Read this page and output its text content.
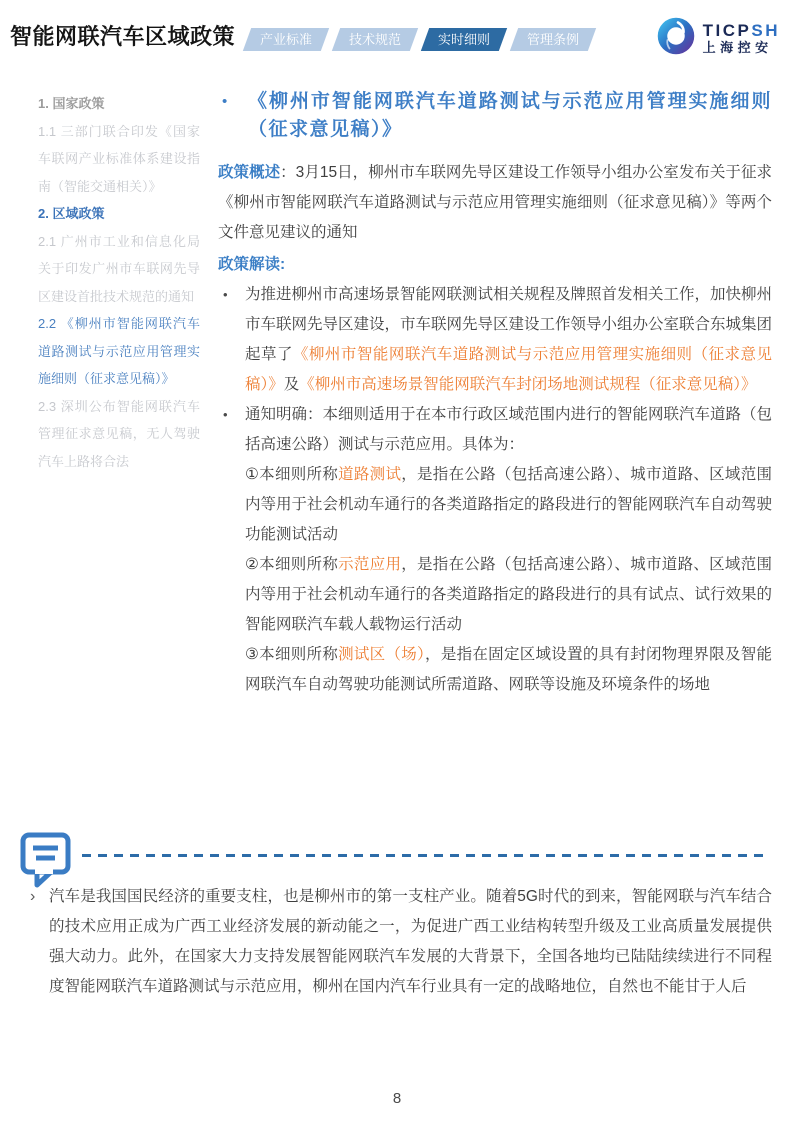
智能网联汽车区域政策	产业标准	技术规范	实时细则	管理条例	TICPSH
上海控安
1. 国家政策
1.1 三部门联合印发《国家车联网产业标准体系建设指南（智能交通相关）》
2. 区域政策
2.1 广州市工业和信息化局关于印发广州市车联网先导区建设首批技术规范的通知
2.2 《柳州市智能网联汽车道路测试与示范应用管理实施细则（征求意见稿）》
2.3 深圳公布智能网联汽车管理征求意见稿，无人驾驶汽车上路将合法
•	《柳州市智能网联汽车道路测试与示范应用管理实施细则（征求意见稿）》

政策概述：3月15日，柳州市车联网先导区建设工作领导小组办公室发布关于征求《柳州市智能网联汽车道路测试与示范应用管理实施细则（征求意见稿）》等两个文件意见建议的通知

政策解读:

•	为推进柳州市高速场景智能网联测试相关规程及牌照首发相关工作，加快柳州市车联网先导区建设，市车联网先导区建设工作领导小组办公室联合东城集团起草了《柳州市智能网联汽车道路测试与示范应用管理实施细则（征求意见稿）》及《柳州市高速场景智能网联汽车封闭场地测试规程（征求意见稿）》
•	通知明确：本细则适用于在本市行政区域范围内进行的智能网联汽车道路（包括高速公路）测试与示范应用。具体为：
①本细则所称道路测试，是指在公路（包括高速公路）、城市道路、区域范围内等用于社会机动车通行的各类道路指定的路段进行的智能网联汽车自动驾驶功能测试活动
②本细则所称示范应用，是指在公路（包括高速公路）、城市道路、区域范围内等用于社会机动车通行的各类道路指定的路段进行的具有试点、试行效果的智能网联汽车载人载物运行活动
③本细则所称测试区（场），是指在固定区域设置的具有封闭物理界限及智能网联汽车自动驾驶功能测试所需道路、网联等设施及环境条件的场地
› 汽车是我国国民经济的重要支柱，也是柳州市的第一支柱产业。随着5G时代的到来，智能网联与汽车结合的技术应用正成为广西工业经济发展的新动能之一，为促进广西工业结构转型升级及工业高质量发展提供强大动力。此外，在国家大力支持发展智能网联汽车发展的大背景下，全国各地均已陆陆续续进行不同程度智能网联汽车道路测试与示范应用，柳州在国内汽车行业具有一定的战略地位，自然也不能甘于人后
8
